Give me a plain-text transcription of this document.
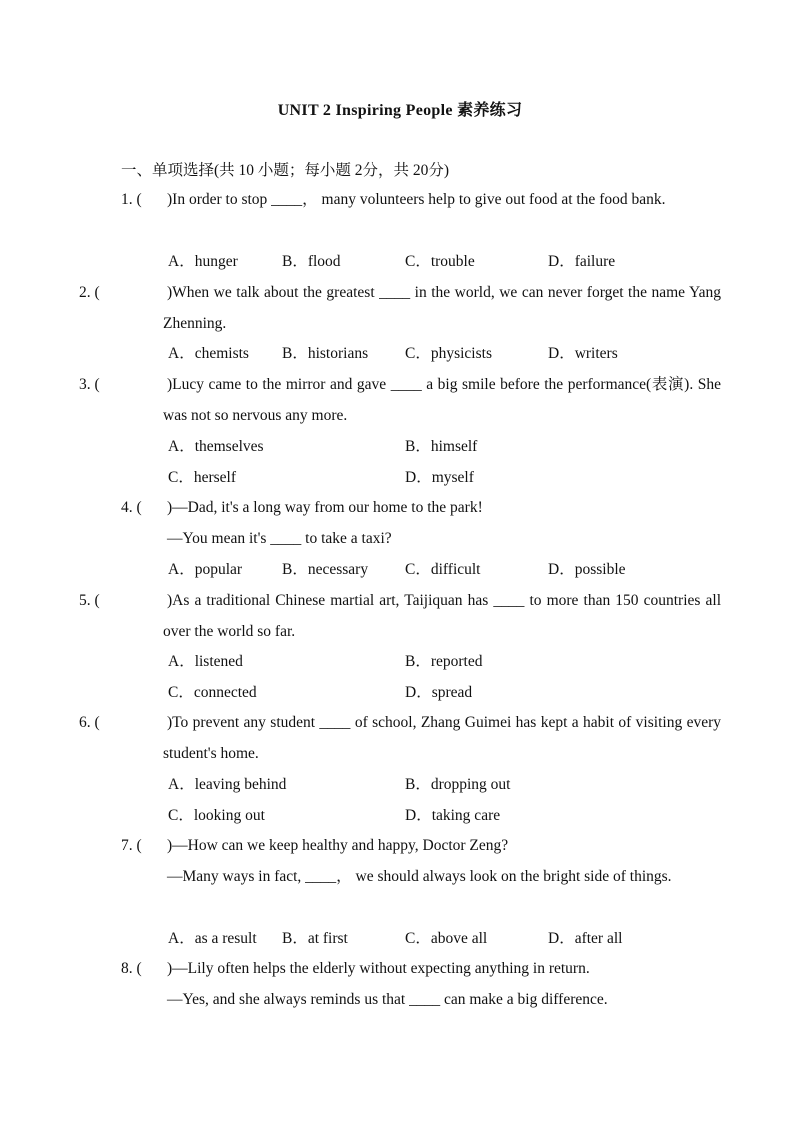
UNIT 2 Inspiring People 素养练习
一、单项选择(共 10 小题；每小题 2分，共 20分)
1. ( )In order to stop ____， many volunteers help to give out food at the food bank.
A．hunger	B．flood	C．trouble	D．failure
2. (	)When we talk about the greatest ____ in the world, we can never forget the name Yang Zhenning.
A．chemists B．historians C．physicists	D．writers
3. (	)Lucy came to the mirror and gave ____ a big smile before the performance(表演). She was not so nervous any more.
A．themselves	B．himself
C．herself	D．myself
4. ( )—Dad, it's a long way from our home to the park!
—You mean it's ____ to take a taxi?
A．popular	B．necessary C．difficult	D．possible
5. (	)As a traditional Chinese martial art, Taijiquan has ____ to more than 150 countries all over the world so far.
A．listened	B．reported
C．connected	D．spread
6. (	)To prevent any student ____ of school, Zhang Guimei has kept a habit of visiting every student's home.
A．leaving behind	B．dropping out
C．looking out	D．taking care
7. ( )—How can we keep healthy and happy, Doctor Zeng?
—Many ways in fact, ____， we should always look on the bright side of things.
A．as a result B．at first	C．above all	D．after all
8. ( )—Lily often helps the elderly without expecting anything in return.
—Yes, and she always reminds us that ____ can make a big difference.
